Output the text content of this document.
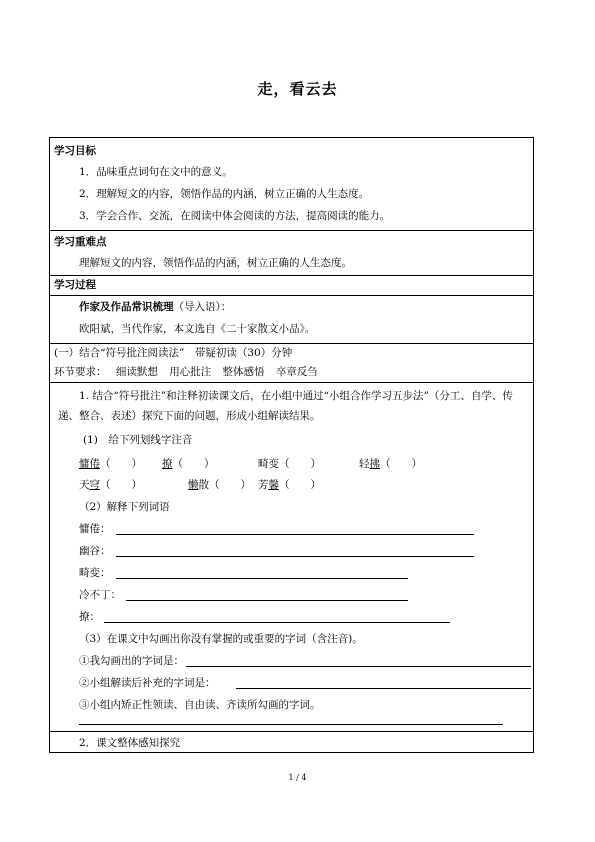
走，看云去
学习目标
1．品味重点词句在文中的意义。
2．理解短文的内容，领悟作品的内涵，树立正确的人生态度。
3．学会合作、交流，在阅读中体会阅读的方法，提高阅读的能力。
学习重难点
理解短文的内容，领悟作品的内涵，树立正确的人生态度。
学习过程
作家及作品常识梳理（导入语）：
欧阳斌，当代作家，本文选自《二十家散文小品》。
(一）结合“符号批注阅读法”　带疑初读（30）分钟
环节要求： 细读默想 用心批注 整体感悟 卒章反刍
1. 结合“符号批注”和注释初读课文后，在小组中通过“小组合作学习五步法”（分工、自学、传递、整合、表述）探究下面的问题，形成小组解读结果。
(1)　给下列划线字注音
慵倦（　　） 撩（　　）	畸变（　　）	轻拂（　　）
天穹（　　）	懒散（　　） 芳馨（　　）
（2）解释下列词语
慵倦：
幽谷：
畸变：
冷不丁：
撩：
（3）在课文中勾画出你没有掌握的或重要的字词（含注音)。
①我勾画出的字词是：
②小组解读后补充的字词是：
③小组内矫正性领读、自由读、齐读所勾画的字词。
2．课文整体感知探究
1 / 4
